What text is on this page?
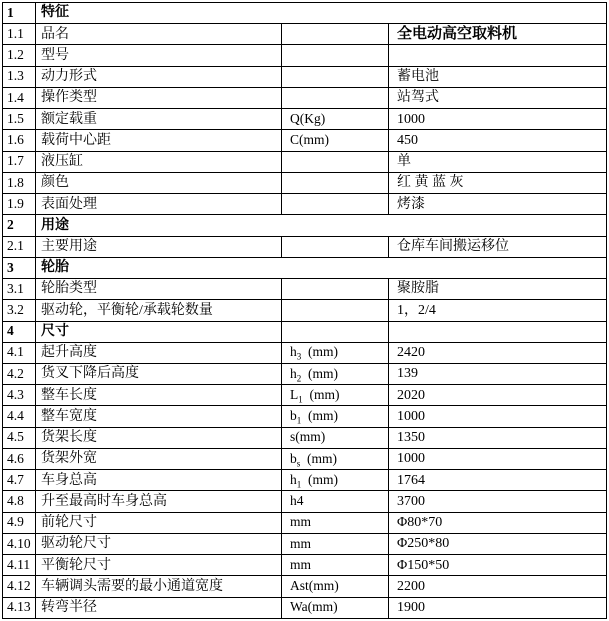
1	特征		
1.1	品名		全电动高空取料机
1.2	型号		
1.3	动力形式		蓄电池
1.4	操作类型		站驾式
1.5	额定载重	Q(Kg)	1000
1.6	载荷中心距	C(mm)	450
1.7	液压缸		单
1.8	颜色		红 黄 蓝 灰
1.9	表面处理		烤漆
2	用途		
2.1	主要用途		仓库车间搬运移位
3	轮胎		
3.1	轮胎类型		聚胺脂
3.2	驱动轮，平衡轮/承载轮数量		1，2/4
4	尺寸		
4.1	起升高度	$h_3$  (mm)	2420
4.2	货叉下降后高度	$h_2$  (mm)	139
4.3	整车长度	$L_1$  (mm)	2020
4.4	整车宽度	$b_1$  (mm)	1000
4.5	货架长度	s(mm)	1350
4.6	货架外宽	$b_s$  (mm)	1000
4.7	车身总高	$h_1$  (mm)	1764
4.8	升至最高时车身总高	h4	3700
4.9	前轮尺寸	mm	Φ80*70
4.10	驱动轮尺寸	mm	Φ250*80
4.11	平衡轮尺寸	mm	Φ150*50
4.12	车辆调头需要的最小通道宽度	Ast(mm)	2200
4.13	转弯半径	Wa(mm)	1900
